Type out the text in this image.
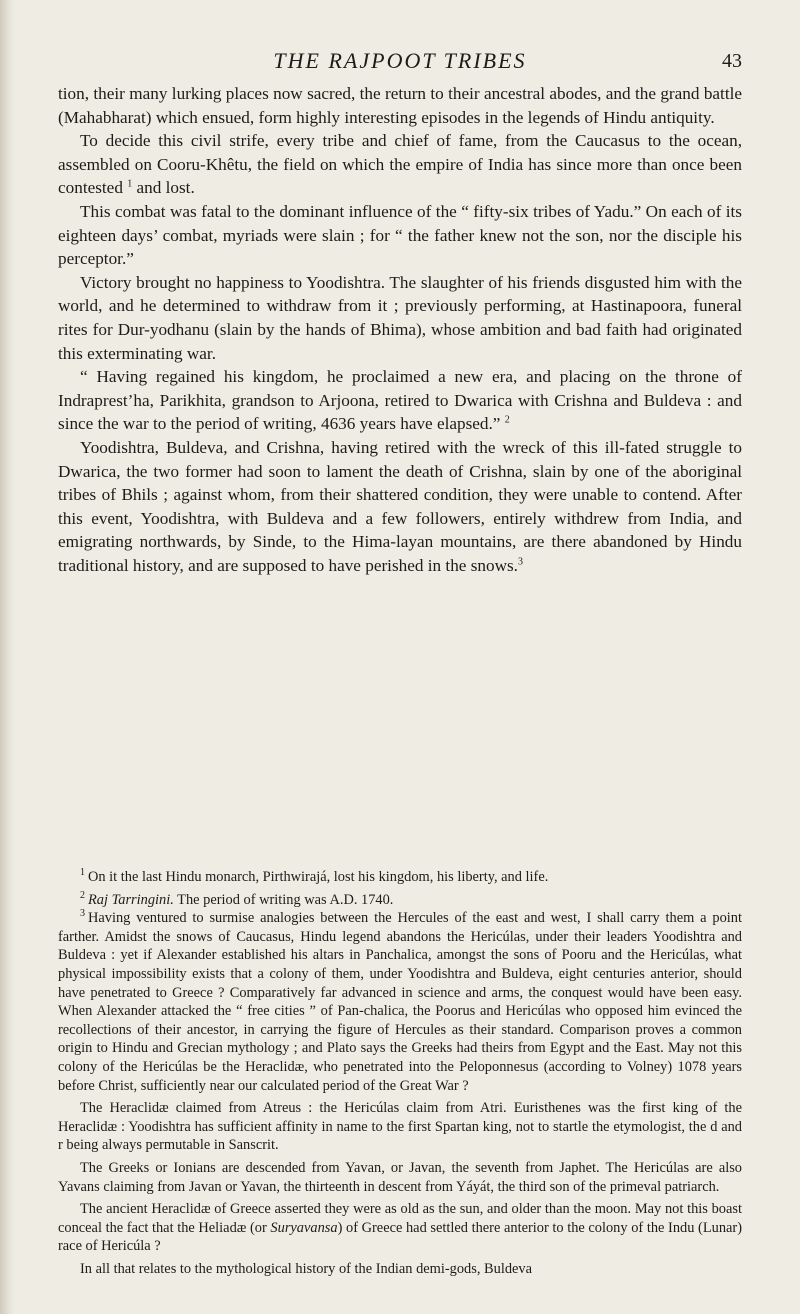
THE RAJPOOT TRIBES	43

tion, their many lurking places now sacred, the return to their ancestral abodes, and the grand battle (Mahabharat) which ensued, form highly interesting episodes in the legends of Hindu antiquity.

To decide this civil strife, every tribe and chief of fame, from the Caucasus to the ocean, assembled on Cooru-Khêtu, the field on which the empire of India has since more than once been contested $^1$ and lost.

This combat was fatal to the dominant influence of the “ fifty-six tribes of Yadu.” On each of its eighteen days’ combat, myriads were slain ; for “ the father knew not the son, nor the disciple his perceptor.”

Victory brought no happiness to Yoodishtra. The slaughter of his friends disgusted him with the world, and he determined to withdraw from it ; previously performing, at Hastinapoora, funeral rites for Dur-yodhanu (slain by the hands of Bhima), whose ambition and bad faith had originated this exterminating war.

“ Having regained his kingdom, he proclaimed a new era, and placing on the throne of Indraprest’ha, Parikhita, grandson to Arjoona, retired to Dwarica with Crishna and Buldeva : and since the war to the period of writing, 4636 years have elapsed.” $^2$

Yoodishtra, Buldeva, and Crishna, having retired with the wreck of this ill-fated struggle to Dwarica, the two former had soon to lament the death of Crishna, slain by one of the aboriginal tribes of Bhils ; against whom, from their shattered condition, they were unable to contend. After this event, Yoodishtra, with Buldeva and a few followers, entirely withdrew from India, and emigrating northwards, by Sinde, to the Hima-layan mountains, are there abandoned by Hindu traditional history, and are supposed to have perished in the snows.$^3$

$^1$ On it the last Hindu monarch, Pirthwirajá, lost his kingdom, his liberty, and life.

$^2$ Raj Tarringini. The period of writing was A.D. 1740.

$^3$ Having ventured to surmise analogies between the Hercules of the east and west, I shall carry them a point farther. Amidst the snows of Caucasus, Hindu legend abandons the Hericúlas, under their leaders Yoodishtra and Buldeva : yet if Alexander established his altars in Panchalica, amongst the sons of Pooru and the Hericúlas, what physical impossibility exists that a colony of them, under Yoodishtra and Buldeva, eight centuries anterior, should have penetrated to Greece ? Comparatively far advanced in science and arms, the conquest would have been easy. When Alexander attacked the “ free cities ” of Pan-chalica, the Poorus and Hericúlas who opposed him evinced the recollections of their ancestor, in carrying the figure of Hercules as their standard. Comparison proves a common origin to Hindu and Grecian mythology ; and Plato says the Greeks had theirs from Egypt and the East. May not this colony of the Hericúlas be the Heraclidæ, who penetrated into the Peloponnesus (according to Volney) 1078 years before Christ, sufficiently near our calculated period of the Great War ?

The Heraclidæ claimed from Atreus : the Hericúlas claim from Atri. Euristhenes was the first king of the Heraclidæ : Yoodishtra has sufficient affinity in name to the first Spartan king, not to startle the etymologist, the d and r being always permutable in Sanscrit.

The Greeks or Ionians are descended from Yavan, or Javan, the seventh from Japhet. The Hericúlas are also Yavans claiming from Javan or Yavan, the thirteenth in descent from Yáyát, the third son of the primeval patriarch.

The ancient Heraclidæ of Greece asserted they were as old as the sun, and older than the moon. May not this boast conceal the fact that the Heliadæ (or Suryavansa) of Greece had settled there anterior to the colony of the Indu (Lunar) race of Hericúla ?

In all that relates to the mythological history of the Indian demi-gods, Buldeva
